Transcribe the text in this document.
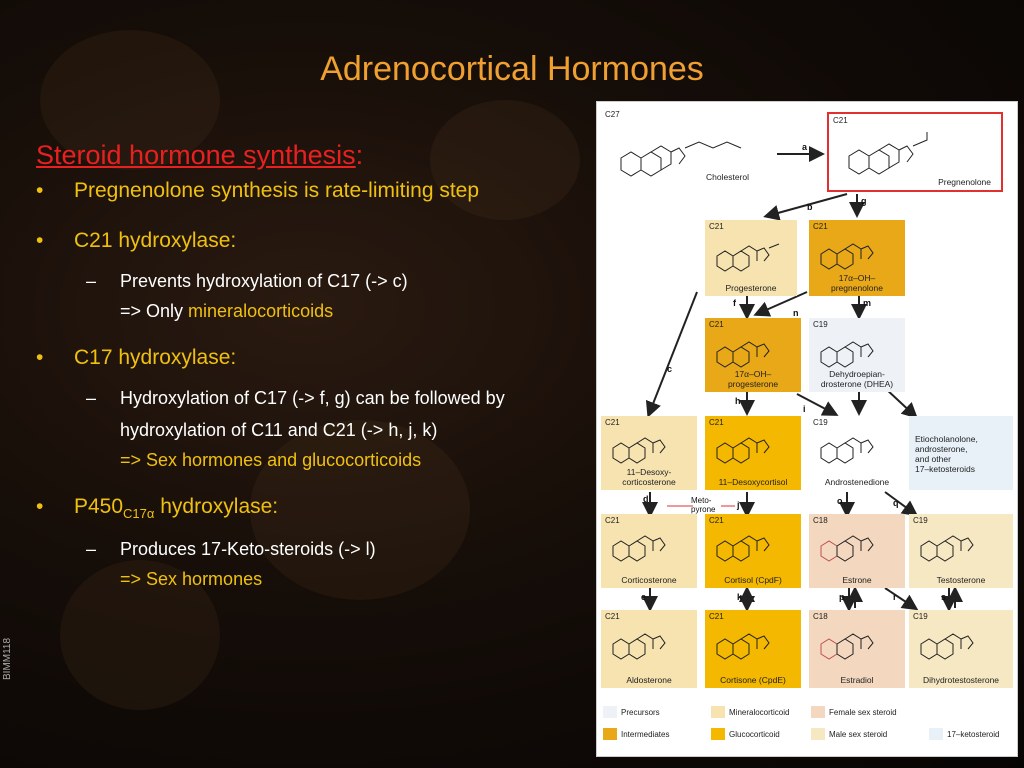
Adrenocortical Hormones
Steroid hormone synthesis:
• Pregnenolone synthesis is rate-limiting step
• C21 hydroxylase:
– Prevents hydroxylation of C17 (-> c)
=> Only mineralocorticoids
• C17 hydroxylase:
– Hydroxylation of C17 (-> f, g) can be followed by hydroxylation of C11 and C21 (-> h, j, k)
=> Sex hormones and glucocorticoids
• $P450_{C17\alpha}$ hydroxylase:
– Produces 17-Keto-steroids (-> l)
=> Sex hormones
BIMM118
C27
Cholesterol
C21
Pregnenolone
C21
Progesterone
C21
17α–OH–
pregnenolone
C21
17α–OH–
progesterone
C19
Dehydroepian-
drosterone (DHEA)
C21
11–Desoxy-
corticosterone
C21
11–Desoxycortisol
C19
Androstenedione
Etiocholanolone,
androsterone,
and other
17–ketosteroids
C21
Corticosterone
C21
Cortisol (CpdF)
C18
Estrone
C19
Testosterone
C21
Aldosterone
C21
Cortisone (CpdE)
C18
Estradiol
C19
Dihydrotestosterone
a
b
g
f
n
m
c
h
i
d
j	o	q
e	k	p	r	s
Meto-
pyrone
Precursors
Intermediates
Mineralocorticoid
Glucocorticoid
Female sex steroid
Male sex steroid	17–ketosteroid
